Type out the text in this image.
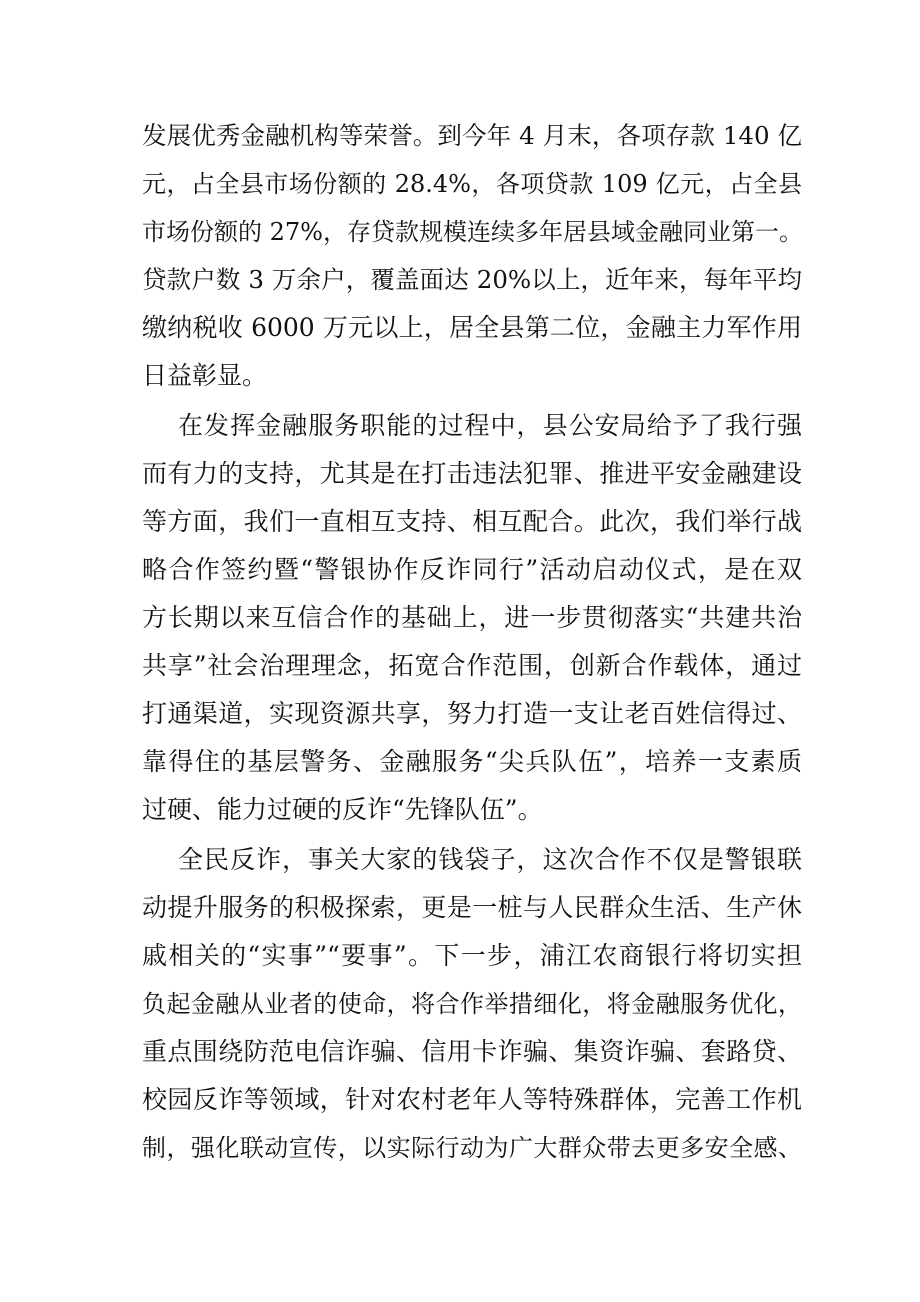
发展优秀金融机构等荣誉。到今年 4 月末，各项存款 140 亿
元，占全县市场份额的 28.4%，各项贷款 109 亿元，占全县
市场份额的 27%，存贷款规模连续多年居县域金融同业第一。
贷款户数 3 万余户，覆盖面达 20%以上，近年来，每年平均
缴纳税收 6000 万元以上，居全县第二位，金融主力军作用
日益彰显。
在发挥金融服务职能的过程中，县公安局给予了我行强
而有力的支持，尤其是在打击违法犯罪、推进平安金融建设
等方面，我们一直相互支持、相互配合。此次，我们举行战
略合作签约暨“警银协作反诈同行”活动启动仪式，是在双
方长期以来互信合作的基础上，进一步贯彻落实“共建共治
共享”社会治理理念，拓宽合作范围，创新合作载体，通过
打通渠道，实现资源共享，努力打造一支让老百姓信得过、
靠得住的基层警务、金融服务“尖兵队伍”，培养一支素质
过硬、能力过硬的反诈“先锋队伍”。
全民反诈，事关大家的钱袋子，这次合作不仅是警银联
动提升服务的积极探索，更是一桩与人民群众生活、生产休
戚相关的“实事”“要事”。下一步，浦江农商银行将切实担
负起金融从业者的使命，将合作举措细化，将金融服务优化，
重点围绕防范电信诈骗、信用卡诈骗、集资诈骗、套路贷、
校园反诈等领域，针对农村老年人等特殊群体，完善工作机
制，强化联动宣传，以实际行动为广大群众带去更多安全感、
